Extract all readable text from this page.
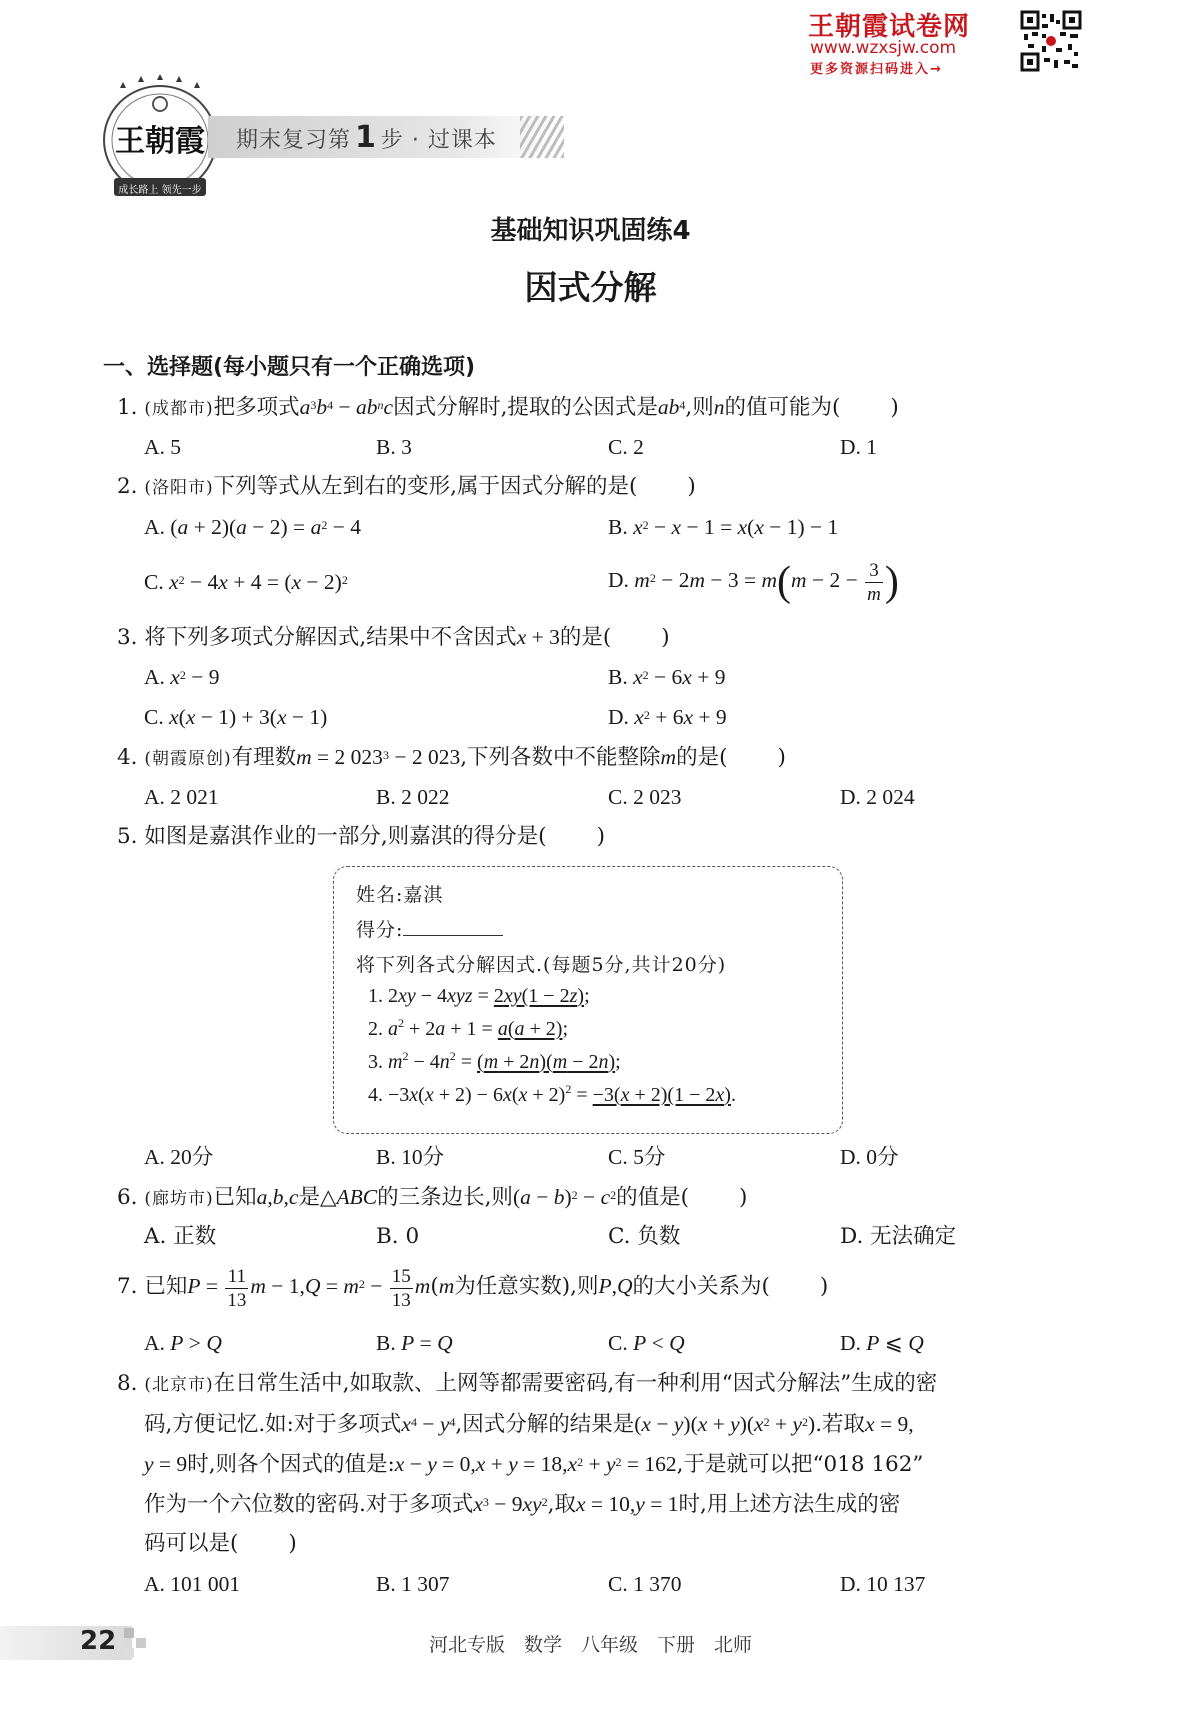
王朝霞试卷网
www.wzxsjw.com
更多资源扫码进入→
王朝霞
成长路上 领先一步
期末复习第 1 步 · 过课本
基础知识巩固练4
因式分解
一、选择题(每小题只有一个正确选项)
1. (成都市)把多项式$a^3b^4 - ab^nc$因式分解时,提取的公因式是$ab^4$,则n的值可能为( )
A. 5	B. 3	C. 2	D. 1
2. (洛阳市)下列等式从左到右的变形,属于因式分解的是( )
A. $(a + 2)(a - 2) = a^2 - 4$	B. $x^2 - x - 1 = x(x - 1) - 1$
C. $x^2 - 4x + 4 = (x - 2)^2$	D. $m^2 - 2m - 3 = m(m - 2 - \frac{3}{m}$ )
3. 将下列多项式分解因式,结果中不含因式x + 3的是( )
A. $x^2 - 9$	B. $x^2 - 6x + 9$
C. x(x − 1) + 3(x − 1)	D. $x^2 + 6x + 9$
4. (朝霞原创)有理数m = 2 $023^3 - 2$ 023,下列各数中不能整除m的是( )
A. 2 021	B. 2 022	C. 2 023	D. 2 024
5. 如图是嘉淇作业的一部分,则嘉淇的得分是( )
姓名:嘉淇
得分:
将下列各式分解因式.(每题5分,共计20分)
1. 2xy − 4xyz = 2xy(1 − 2z);
2. $a^2 + 2a + 1 = a(a + 2)$;
3. $m^2 - 4n^2 = (m + 2n)(m - 2n)$;
4. $-3x(x + 2) - 6x(x + 2)^2 = -3(x + 2)(1 - 2x)$.
A. 20分	B. 10分	C. 5分	D. 0分
6. (廊坊市)已知a,b,c是△ABC的三条边长,则$(a - b)^2 - c^2$的值是( )
A. 正数	B. 0	C. 负数	D. 无法确定
7. 已知$P = \frac{11}{13}$ $m - 1,Q = m^2 - \frac{15}{13} m(m$为任意实数),则P,Q的大小关系为( )
A. P > Q	B. P = Q	C. P < Q	D. P ⩽ Q
8. (北京市)在日常生活中,如取款、上网等都需要密码,有一种利用“因式分解法”生成的密
码,方便记忆.如:对于多项式$x^4 - y^4$,因式分解的结果是$(x - y)(x + y)(x^2 + y^2)$.若取x = 9,
y = 9时,则各个因式的值是:x − $y = 0,x + y = 18,x^2 + y^2 = 162$,于是就可以把“018 162”
作为一个六位数的密码.对于多项式$x^3 - 9xy^2$,取x = 10,y = 1时,用上述方法生成的密
码可以是( )
A. 101 001	B. 1 307	C. 1 370	D. 10 137
22	河北专版　数学　八年级　下册　北师
